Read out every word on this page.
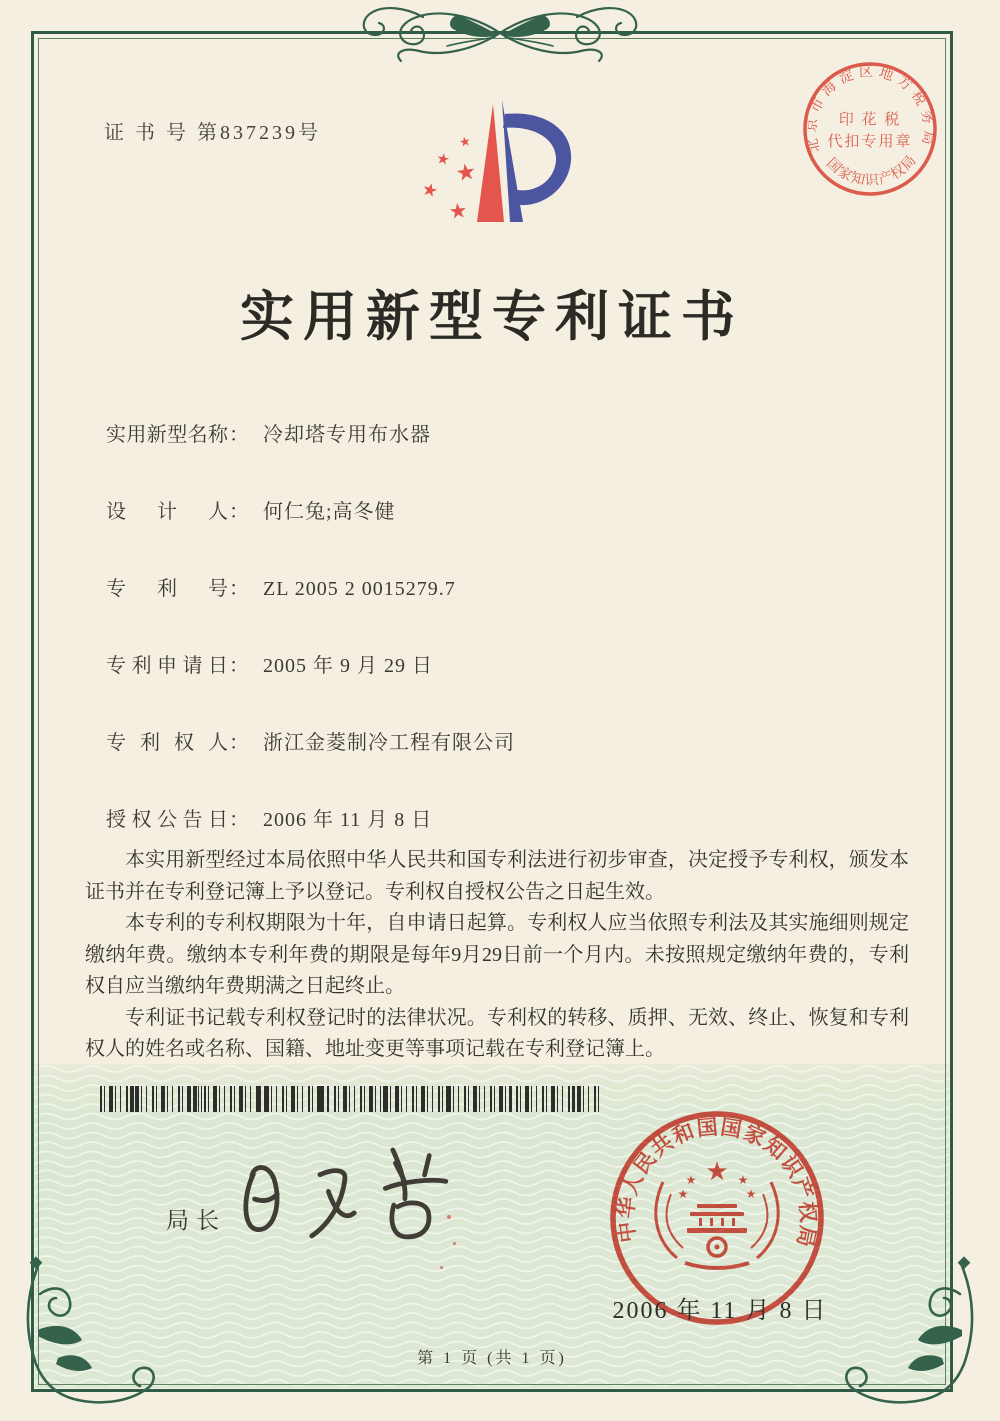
证 书 号 第837239号	★
★ ★
★
★
北京市海淀区地方税务局
印 花 税
代扣专用章
国家知识产权局
实用新型专利证书
实用新型名称： 冷却塔专用布水器
设计人： 何仁兔;高冬健
专利号： ZL 2005 2 0015279.7
专利申请日： 2005 年 9 月 29 日
专利权人： 浙江金菱制冷工程有限公司
授权公告日： 2006 年 11 月 8 日

本实用新型经过本局依照中华人民共和国专利法进行初步审查，决定授予专利权，颁发本证书并在专利登记簿上予以登记。专利权自授权公告之日起生效。

本专利的专利权期限为十年，自申请日起算。专利权人应当依照专利法及其实施细则规定缴纳年费。缴纳本专利年费的期限是每年9月29日前一个月内。未按照规定缴纳年费的，专利权自应当缴纳年费期满之日起终止。

专利证书记载专利权登记时的法律状况。专利权的转移、质押、无效、终止、恢复和专利权人的姓名或名称、国籍、地址变更等事项记载在专利登记簿上。

局长	中华人民共和国国家知识产权局
★
★	★
★	★
2006 年 11 月 8 日
第 1 页 (共 1 页)
